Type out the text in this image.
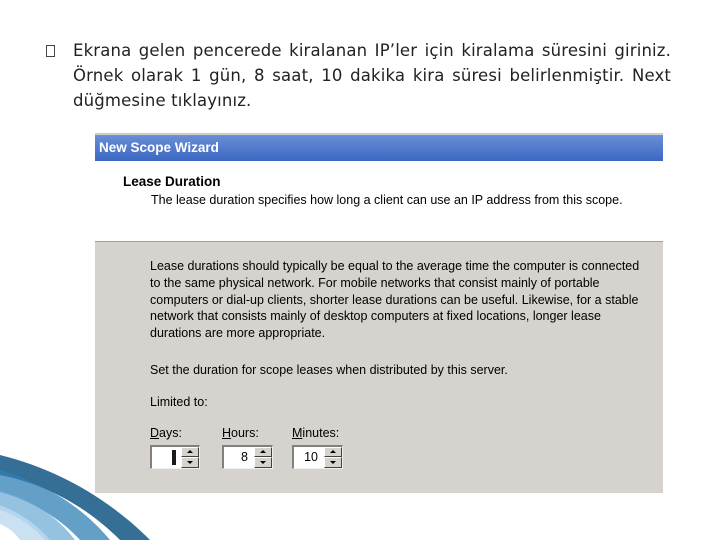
Ekrana gelen pencerede kiralanan IP’ler için kiralama süresini giriniz. Örnek olarak 1 gün, 8 saat, 10 dakika kira süresi belirlenmiştir. Next düğmesine tıklayınız.
New Scope Wizard
Lease Duration
The lease duration specifies how long a client can use an IP address from this scope.
Lease durations should typically be equal to the average time the computer is connected to the same physical network. For mobile networks that consist mainly of portable computers or dial-up clients, shorter lease durations can be useful. Likewise, for a stable network that consists mainly of desktop computers at fixed locations, longer lease durations are more appropriate.
Set the duration for scope leases when distributed by this server.
Limited to:
Days:
1
Hours:
8
Minutes:
10
